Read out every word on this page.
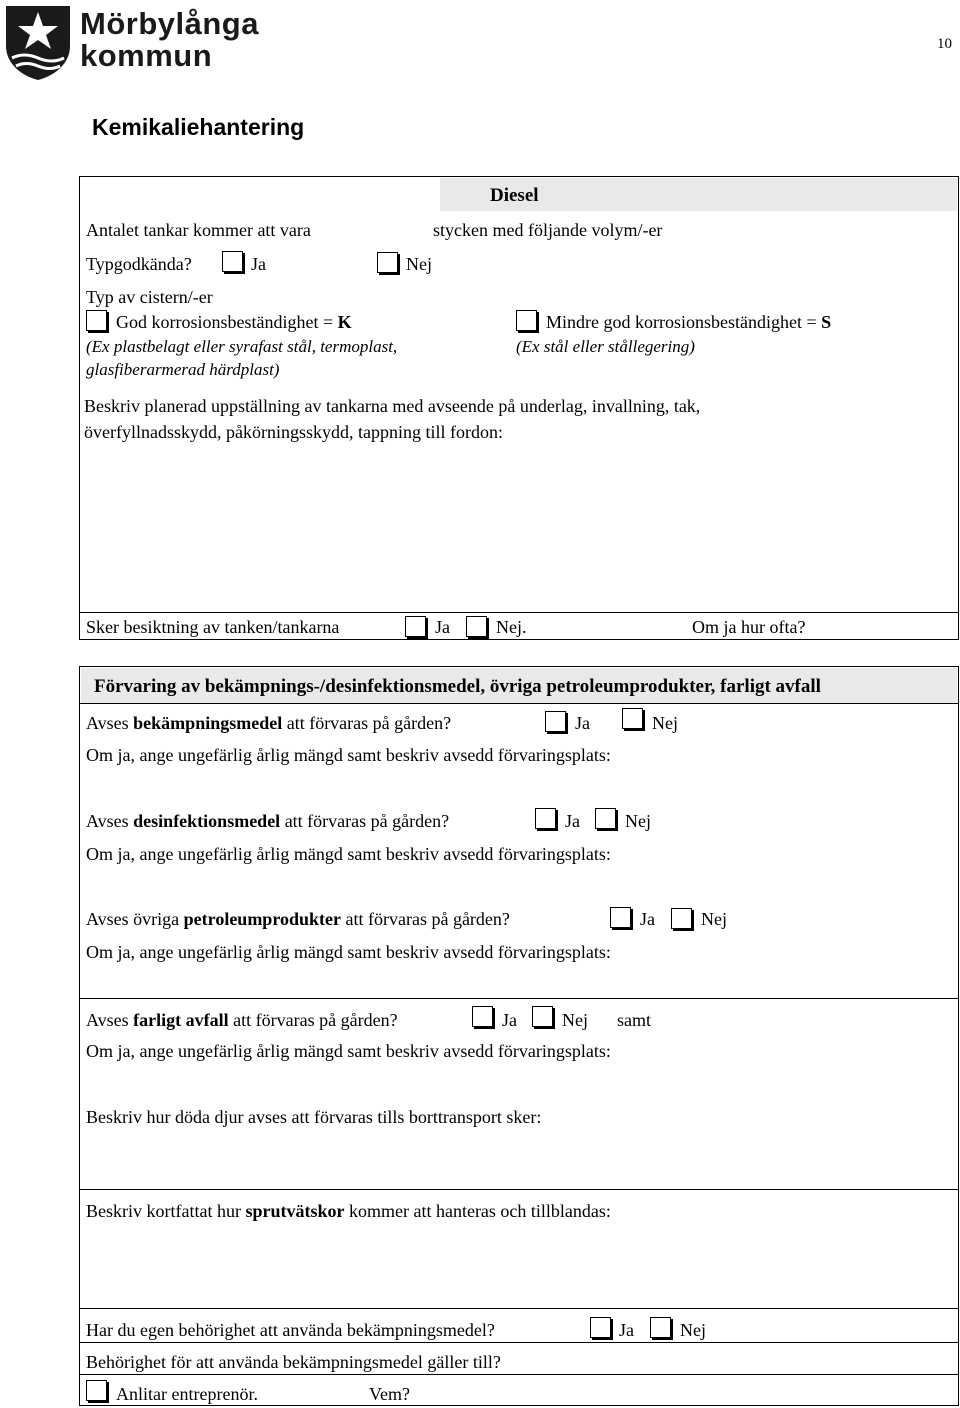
Mörbylånga
kommun	10
Kemikaliehantering
Diesel
Antalet tankar kommer att vara	stycken med följande volym/-er
Typgodkända?	Ja	Nej
Typ av cistern/-er
God korrosionsbeständighet = K
(Ex plastbelagt eller syrafast stål, termoplast,
glasfiberarmerad härdplast)
Mindre god korrosionsbeständighet = S
(Ex stål eller stållegering)
Beskriv planerad uppställning av tankarna med avseende på underlag, invallning, tak,
överfyllnadsskydd, påkörningsskydd, tappning till fordon:
Sker besiktning av tanken/tankarna	Ja	Nej.	Om ja hur ofta?
Förvaring av bekämpnings-/desinfektionsmedel, övriga petroleumprodukter, farligt avfall
Avses bekämpningsmedel att förvaras på gården?	Ja	Nej
Om ja, ange ungefärlig årlig mängd samt beskriv avsedd förvaringsplats:
Avses desinfektionsmedel att förvaras på gården?	Ja	Nej
Om ja, ange ungefärlig årlig mängd samt beskriv avsedd förvaringsplats:
Avses övriga petroleumprodukter att förvaras på gården?	Ja	Nej
Om ja, ange ungefärlig årlig mängd samt beskriv avsedd förvaringsplats:
Avses farligt avfall att förvaras på gården?	Ja	Nej samt
Om ja, ange ungefärlig årlig mängd samt beskriv avsedd förvaringsplats:
Beskriv hur döda djur avses att förvaras tills borttransport sker:
Beskriv kortfattat hur sprutvätskor kommer att hanteras och tillblandas:
Har du egen behörighet att använda bekämpningsmedel?	Ja	Nej
Behörighet för att använda bekämpningsmedel gäller till?
Anlitar entreprenör.	Vem?
